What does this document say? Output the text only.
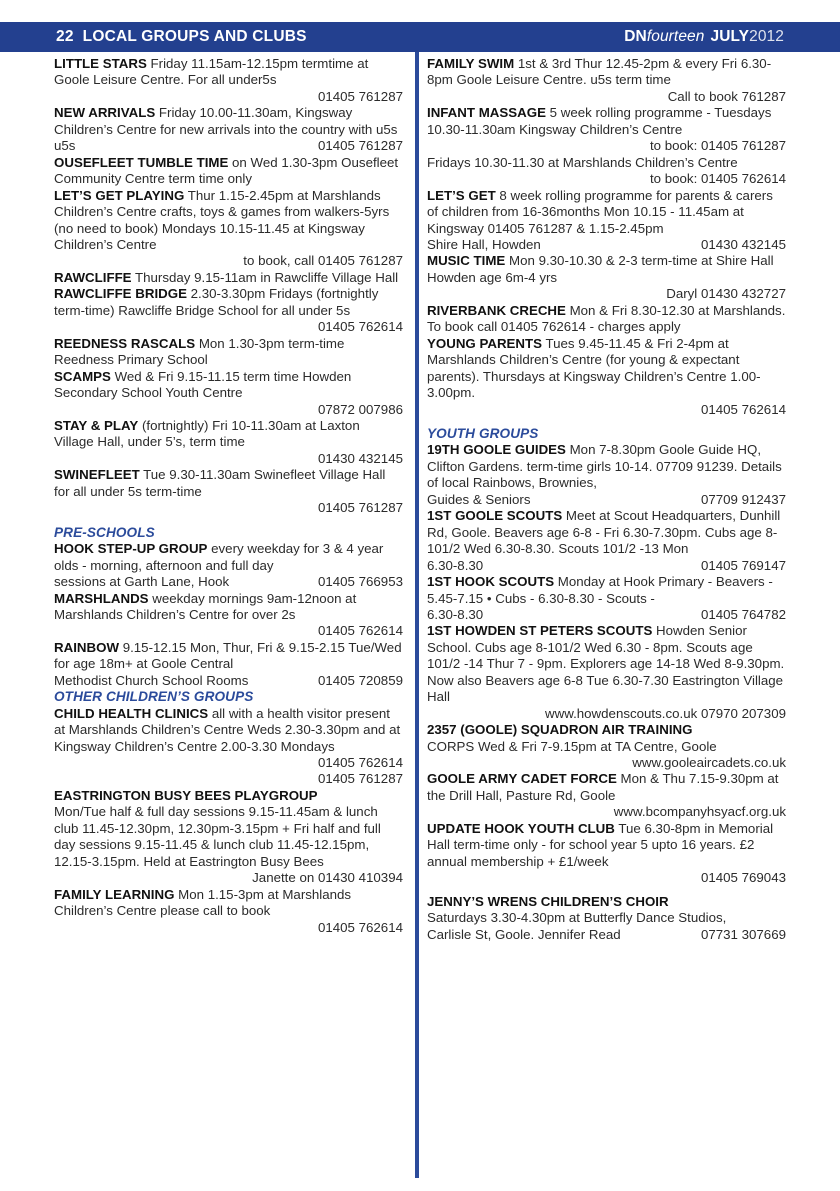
22 LOCAL GROUPS AND CLUBS	DNfourteen JULY2012

LITTLE STARS Friday 11.15am-12.15pm termtime at Goole Leisure Centre. For all under5s
01405 761287

NEW ARRIVALS Friday 10.00-11.30am, Kingsway Children’s Centre for new arrivals into the country with u5s

u5s	01405 761287

OUSEFLEET TUMBLE TIME on Wed 1.30-3pm Ousefleet Community Centre term time only

LET’S GET PLAYING Thur 1.15-2.45pm at Marshlands Children’s Centre crafts, toys & games from walkers-5yrs (no need to book) Mondays 10.15-11.45 at Kingsway Children’s Centre
to book, call 01405 761287

RAWCLIFFE Thursday 9.15-11am in Rawcliffe Village Hall

RAWCLIFFE BRIDGE 2.30-3.30pm Fridays (fortnightly term-time) Rawcliffe Bridge School for all under 5s
01405 762614

REEDNESS RASCALS Mon 1.30-3pm term-time Reedness Primary School

SCAMPS Wed & Fri 9.15-11.15 term time Howden Secondary School Youth Centre
07872 007986

STAY & PLAY (fortnightly) Fri 10-11.30am at Laxton Village Hall, under 5’s, term time
01430 432145

SWINEFLEET Tue 9.30-11.30am Swinefleet Village Hall for all under 5s term-time
01405 761287

PRE-SCHOOLS

HOOK STEP-UP GROUP every weekday for 3 & 4 year olds - morning, afternoon and full day

sessions at Garth Lane, Hook	01405 766953

MARSHLANDS weekday mornings 9am-12noon at Marshlands Children’s Centre for over 2s
01405 762614

RAINBOW 9.15-12.15 Mon, Thur, Fri & 9.15-2.15 Tue/Wed for age 18m+ at Goole Central

Methodist Church School Rooms	01405 720859

OTHER CHILDREN’S GROUPS

CHILD HEALTH CLINICS all with a health visitor present at Marshlands Children’s Centre Weds 2.30-3.30pm and at Kingsway Children’s Centre 2.00-3.30 Mondays
01405 762614
01405 761287

EASTRINGTON BUSY BEES PLAYGROUP
Mon/Tue half & full day sessions 9.15-11.45am & lunch club 11.45-12.30pm, 12.30pm-3.15pm + Fri half and full day sessions 9.15-11.45 & lunch club 11.45-12.15pm, 12.15-3.15pm. Held at Eastrington Busy Bees
Janette on 01430 410394

FAMILY LEARNING Mon 1.15-3pm at Marshlands Children’s Centre please call to book
01405 762614

FAMILY SWIM 1st & 3rd Thur 12.45-2pm & every Fri 6.30-8pm Goole Leisure Centre. u5s term time
Call to book 761287

INFANT MASSAGE 5 week rolling programme - Tuesdays 10.30-11.30am Kingsway Children’s Centre
to book: 01405 761287
Fridays 10.30-11.30 at Marshlands Children’s Centre
to book: 01405 762614

LET’S GET 8 week rolling programme for parents & carers of children from 16-36months Mon 10.15 - 11.45am at Kingsway 01405 761287 & 1.15-2.45pm

Shire Hall, Howden	01430 432145

MUSIC TIME Mon 9.30-10.30 & 2-3 term-time at Shire Hall Howden age 6m-4 yrs
Daryl 01430 432727

RIVERBANK CRECHE Mon & Fri 8.30-12.30 at Marshlands.
To book call 01405 762614 - charges apply

YOUNG PARENTS Tues 9.45-11.45 & Fri 2-4pm at Marshlands Children’s Centre (for young & expectant parents). Thursdays at Kingsway Children’s Centre 1.00-3.00pm.
01405 762614

YOUTH GROUPS

19TH GOOLE GUIDES Mon 7-8.30pm Goole Guide HQ, Clifton Gardens. term-time girls 10-14. 07709 91239. Details of local Rainbows, Brownies,

Guides & Seniors	07709 912437

1ST GOOLE SCOUTS Meet at Scout Headquarters, Dunhill Rd, Goole. Beavers age 6-8 - Fri 6.30-7.30pm. Cubs age 8-101/2 Wed 6.30-8.30. Scouts 101/2 -13 Mon

6.30-8.30	01405 769147

1ST HOOK SCOUTS Monday at Hook Primary - Beavers - 5.45-7.15 • Cubs - 6.30-8.30 - Scouts -

6.30-8.30	01405 764782

1ST HOWDEN ST PETERS SCOUTS Howden Senior School. Cubs age 8-101/2 Wed 6.30 - 8pm. Scouts age 101/2 -14 Thur 7 - 9pm. Explorers age 14-18 Wed 8-9.30pm. Now also Beavers age 6-8 Tue 6.30-7.30 Eastrington Village Hall
www.howdenscouts.co.uk 07970 207309

2357 (GOOLE) SQUADRON AIR TRAINING
CORPS Wed & Fri 7-9.15pm at TA Centre, Goole
www.gooleaircadets.co.uk

GOOLE ARMY CADET FORCE Mon & Thu 7.15-9.30pm at the Drill Hall, Pasture Rd, Goole
www.bcompanyhsyacf.org.uk

UPDATE HOOK YOUTH CLUB Tue 6.30-8pm in Memorial Hall term-time only - for school year 5 upto 16 years. £2 annual membership + £1/week
01405 769043

JENNY’S WRENS CHILDREN’S CHOIR
Saturdays 3.30-4.30pm at Butterfly Dance Studios,

Carlisle St, Goole. Jennifer Read	07731 307669
